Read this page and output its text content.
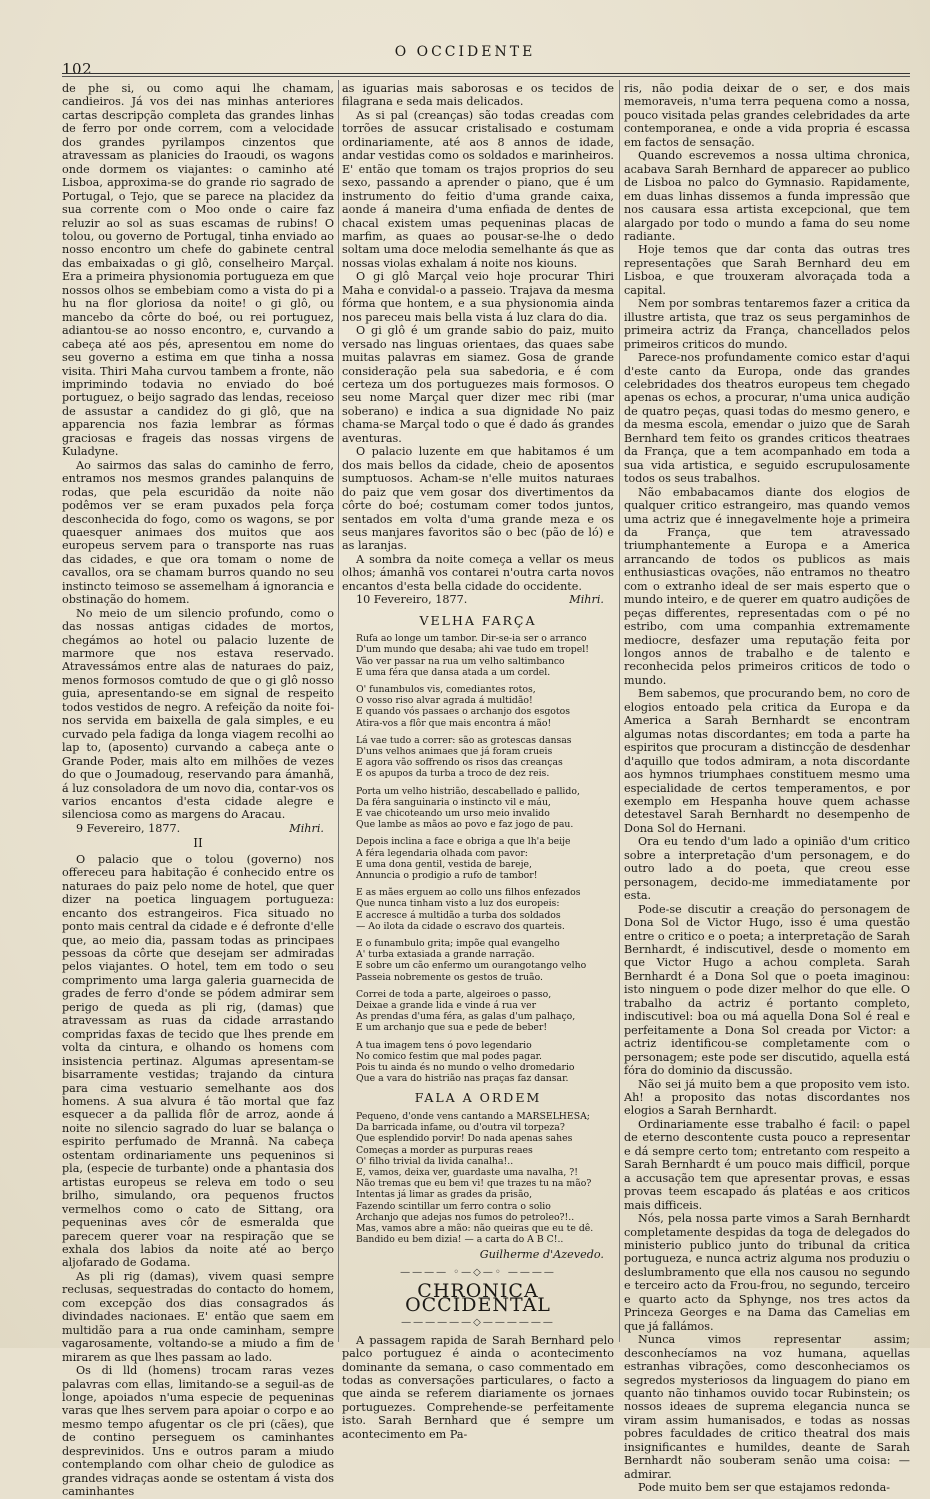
102
O OCCIDENTE

de phe si, ou como aqui lhe chamam, candieiros. Já vos dei nas minhas anteriores cartas descripção completa das grandes linhas de ferro por onde correm, com a velocidade dos grandes pyrilampos cinzentos que atravessam as planicies do Iraoudi, os wagons onde dormem os viajantes: o caminho até Lisboa, approxima-se do grande rio sagrado de Portugal, o Tejo, que se parece na placidez da sua corrente com o Moo onde o caire faz reluzir ao sol as suas escamas de rubins! O tolou, ou governo de Portugal, tinha enviado ao nosso encontro um chefe do gabinete central das embaixadas o gi glô, conselheiro Marçal. Era a primeira physionomia portugueza em que nossos olhos se embebiam como a vista do pi a hu na flor gloriosa da noite! o gi glô, ou mancebo da côrte do boé, ou rei portuguez, adiantou-se ao nosso encontro, e, curvando a cabeça até aos pés, apresentou em nome do seu governo a estima em que tinha a nossa visita. Thiri Maha curvou tambem a fronte, não imprimindo todavia no enviado do boé portuguez, o beijo sagrado das lendas, receioso de assustar a candidez do gi glô, que na apparencia nos fazia lembrar as fórmas graciosas e frageis das nossas virgens de Kuladyne.

Ao sairmos das salas do caminho de ferro, entramos nos mesmos grandes palanquins de rodas, que pela escuridão da noite não podêmos ver se eram puxados pela força desconhecida do fogo, como os wagons, se por quaesquer animaes dos muitos que aos europeus servem para o transporte nas ruas das cidades, e que ora tomam o nome de cavallos, ora se chamam burros quando no seu instincto teimoso se assemelham á ignorancia e obstinação do homem.

No meio de um silencio profundo, como o das nossas antigas cidades de mortos, chegámos ao hotel ou palacio luzente de marmore que nos estava reservado. Atravessámos entre alas de naturaes do paiz, menos formosos comtudo de que o gi glô nosso guia, apresentando-se em signal de respeito todos vestidos de negro. A refeição da noite foi-nos servida em baixella de gala simples, e eu curvado pela fadiga da longa viagem recolhi ao lap to, (aposento) curvando a cabeça ante o Grande Poder, mais alto em milhões de vezes do que o Joumadoug, reservando para ámanhã, á luz consoladora de um novo dia, contar-vos os varios encantos d'esta cidade alegre e silenciosa como as margens do Aracau.

9 Fevereiro, 1877.	Mihri.
II

O palacio que o tolou (governo) nos offereceu para habitação é conhecido entre os naturaes do paiz pelo nome de hotel, que quer dizer na poetica linguagem portugueza: encanto dos estrangeiros. Fica situado no ponto mais central da cidade e é defronte d'elle que, ao meio dia, passam todas as principaes pessoas da côrte que desejam ser admiradas pelos viajantes. O hotel, tem em todo o seu comprimento uma larga galeria guarnecida de grades de ferro d'onde se pódem admirar sem perigo de queda as pli rig, (damas) que atravessam as ruas da cidade arrastando compridas faxas de tecido que lhes prende em volta da cintura, e olhando os homens com insistencia pertinaz. Algumas apresentam-se bisarramente vestidas; trajando da cintura para cima vestuario semelhante aos dos homens. A sua alvura é tão mortal que faz esquecer a da pallida flôr de arroz, aonde á noite no silencio sagrado do luar se balança o espirito perfumado de Mrannâ. Na cabeça ostentam ordinariamente uns pequeninos si pla, (especie de turbante) onde a phantasia dos artistas europeus se releva em todo o seu brilho, simulando, ora pequenos fructos vermelhos como o cato de Sittang, ora pequeninas aves côr de esmeralda que parecem querer voar na respiração que se exhala dos labios da noite até ao berço aljofarado de Godama.

As pli rig (damas), vivem quasi sempre reclusas, sequestradas do contacto do homem, com excepção dos dias consagrados ás divindades nacionaes. E' então que saem em multidão para a rua onde caminham, sempre vagarosamente, voltando-se a miudo a fim de mirarem as que lhes passam ao lado.

Os di lld (homens) trocam raras vezes palavras com ellas, limitando-se a seguil-as de longe, apoiados n'uma especie de pequeninas varas que lhes servem para apoiar o corpo e ao mesmo tempo afugentar os cle pri (cães), que de contino perseguem os caminhantes desprevinidos. Uns e outros param a miudo contemplando com olhar cheio de gulodice as grandes vidraças aonde se ostentam á vista dos caminhantes

as iguarias mais saborosas e os tecidos de filagrana e seda mais delicados.

As si pal (creanças) são todas creadas com torrões de assucar cristalisado e costumam ordinariamente, até aos 8 annos de idade, andar vestidas como os soldados e marinheiros. E' então que tomam os trajos proprios do seu sexo, passando a aprender o piano, que é um instrumento do feitio d'uma grande caixa, aonde á maneira d'uma enfiada de dentes de chacal existem umas pequeninas placas de marfim, as quaes ao pousar-se-lhe o dedo soltam uma doce melodia semelhante ás que as nossas violas exhalam á noite nos kiouns.

O gi glô Marçal veio hoje procurar Thiri Maha e convidal-o a passeio. Trajava da mesma fórma que hontem, e a sua physionomia ainda nos pareceu mais bella vista á luz clara do dia.

O gi glô é um grande sabio do paiz, muito versado nas linguas orientaes, das quaes sabe muitas palavras em siamez. Gosa de grande consideração pela sua sabedoria, e é com certeza um dos portuguezes mais formosos. O seu nome Marçal quer dizer mec ribi (mar soberano) e indica a sua dignidade No paiz chama-se Marçal todo o que é dado ás grandes aventuras.

O palacio luzente em que habitamos é um dos mais bellos da cidade, cheio de aposentos sumptuosos. Acham-se n'elle muitos naturaes do paiz que vem gosar dos divertimentos da côrte do boé; costumam comer todos juntos, sentados em volta d'uma grande meza e os seus manjares favoritos são o bec (pão de ló) e as laranjas.

A sombra da noite começa a vellar os meus olhos; ámanhã vos contarei n'outra carta novos encantos d'esta bella cidade do occidente.

10 Fevereiro, 1877.	Mihri.
VELHA FARÇA
Rufa ao longe um tambor. Dir-se-ia ser o arranco
D'um mundo que desaba; ahi vae tudo em tropel!
Vão ver passar na rua um velho saltimbanco
E uma féra que dansa atada a um cordel.
O' funambulos vis, comediantes rotos,
O vosso riso alvar agrada á multidão!
E quando vós passaes o archanjo dos esgotos
Atira-vos a flôr que mais encontra á mão!
Lá vae tudo a correr: são as grotescas dansas
D'uns velhos animaes que já foram crueis
E agora vão soffrendo os risos das creanças
E os apupos da turba a troco de dez reis.
Porta um velho histrião, descabellado e pallido,
Da féra sanguinaria o instincto vil e máu,
E vae chicoteando um urso meio invalido
Que lambe as mãos ao povo e faz jogo de pau.
Depois inclina a face e obriga a que lh'a beije
A féra legendaria olhada com pavor:
E uma dona gentil, vestida de bareje,
Annuncia o prodigio a rufo de tambor!
E as mães erguem ao collo uns filhos enfezados
Que nunca tinham visto a luz dos europeis:
E accresce á multidão a turba dos soldados
— Ao ilota da cidade o escravo dos quarteis.
E o funambulo grita; impõe qual evangelho
A' turba extasiada a grande narração.
E sobre um cão enfermo um ourangotango velho
Passeia nobremente os gestos de truão.
Correi de toda a parte, algeiroes o passo,
Deixae a grande lida e vinde á rua ver
As prendas d'uma féra, as galas d'um palhaço,
E um archanjo que sua e pede de beber!
A tua imagem tens ó povo legendario
No comico festim que mal podes pagar.
Pois tu ainda és no mundo o velho dromedario
Que a vara do histrião nas praças faz dansar.
FALA A ORDEM
Pequeno, d'onde vens cantando a MARSELHESA;
Da barricada infame, ou d'outra vil torpeza?
Que esplendido porvir! Do nada apenas sahes
Começas a morder as purpuras reaes
O' filho trivial da livida canalha!..
E, vamos, deixa ver, guardaste uma navalha, ?!
Não tremas que eu bem vi! que trazes tu na mão?
Intentas já limar as grades da prisão,
Fazendo scintillar um ferro contra o solio
Archanjo que adejas nos fumos do petroleo?!..
Mas, vamos abre a mão: não queiras que eu te dê.
Bandido eu bem dizia! — a carta do A B C!..
Guilherme d'Azevedo.
———— ◦—◇—◦ ————
CHRONICA OCCIDENTAL
——————◇——————

A passagem rapida de Sarah Bernhard pelo palco portuguez é ainda o acontecimento dominante da semana, o caso commentado em todas as conversações particulares, o facto a que ainda se referem diariamente os jornaes portuguezes. Comprehende-se perfeitamente isto. Sarah Bernhard que é sempre um acontecimento em Pa-

ris, não podia deixar de o ser, e dos mais memoraveis, n'uma terra pequena como a nossa, pouco visitada pelas grandes celebridades da arte contemporanea, e onde a vida propria é escassa em factos de sensação.

Quando escrevemos a nossa ultima chronica, acabava Sarah Bernhard de apparecer ao publico de Lisboa no palco do Gymnasio. Rapidamente, em duas linhas dissemos a funda impressão que nos causara essa artista excepcional, que tem alargado por todo o mundo a fama do seu nome radiante.

Hoje temos que dar conta das outras tres representações que Sarah Bernhard deu em Lisboa, e que trouxeram alvoraçada toda a capital.

Nem por sombras tentaremos fazer a critica da illustre artista, que traz os seus pergaminhos de primeira actriz da França, chancellados pelos primeiros criticos do mundo.

Parece-nos profundamente comico estar d'aqui d'este canto da Europa, onde das grandes celebridades dos theatros europeus tem chegado apenas os echos, a procurar, n'uma unica audição de quatro peças, quasi todas do mesmo genero, e da mesma escola, emendar o juizo que de Sarah Bernhard tem feito os grandes criticos theatraes da França, que a tem acompanhado em toda a sua vida artistica, e seguido escrupulosamente todos os seus trabalhos.

Não embabacamos diante dos elogios de qualquer critico estrangeiro, mas quando vemos uma actriz que é innegavelmente hoje a primeira da França, que tem atravessado triumphantemente a Europa e a America arrancando de todos os publicos as mais enthusiasticas ovações, não entramos no theatro com o extranho ideal de ser mais esperto que o mundo inteiro, e de querer em quatro audições de peças differentes, representadas com o pé no estribo, com uma companhia extremamente mediocre, desfazer uma reputação feita por longos annos de trabalho e de talento e reconhecida pelos primeiros criticos de todo o mundo.

Bem sabemos, que procurando bem, no coro de elogios entoado pela critica da Europa e da America a Sarah Bernhardt se encontram algumas notas discordantes; em toda a parte ha espiritos que procuram a distincção de desdenhar d'aquillo que todos admiram, a nota discordante aos hymnos triumphaes constituem mesmo uma especialidade de certos temperamentos, e por exemplo em Hespanha houve quem achasse detestavel Sarah Bernhardt no desempenho de Dona Sol do Hernani.

Ora eu tendo d'um lado a opinião d'um critico sobre a interpretação d'um personagem, e do outro lado a do poeta, que creou esse personagem, decido-me immediatamente por esta.

Pode-se discutir a creação do personagem de Dona Sol de Victor Hugo, isso é uma questão entre o critico e o poeta; a interpretação de Sarah Bernhardt, é indiscutivel, desde o momento em que Victor Hugo a achou completa. Sarah Bernhardt é a Dona Sol que o poeta imaginou: isto ninguem o pode dizer melhor do que elle. O trabalho da actriz é portanto completo, indiscutivel: boa ou má aquella Dona Sol é real e perfeitamente a Dona Sol creada por Victor: a actriz identificou-se completamente com o personagem; este pode ser discutido, aquella está fóra do dominio da discussão.

Não sei já muito bem a que proposito vem isto. Ah! a proposito das notas discordantes nos elogios a Sarah Bernhardt.

Ordinariamente esse trabalho é facil: o papel de eterno descontente custa pouco a representar e dá sempre certo tom; entretanto com respeito a Sarah Bernhardt é um pouco mais difficil, porque a accusação tem que apresentar provas, e essas provas teem escapado ás platéas e aos criticos mais difficeis.

Nós, pela nossa parte vimos a Sarah Bernhardt completamente despidas da toga de delegados do ministerio publico junto do tribunal da critica portugueza, e nunca actriz alguma nos produziu o deslumbramento que ella nos causou no segundo e terceiro acto da Frou-frou, no segundo, terceiro e quarto acto da Sphynge, nos tres actos da Princeza Georges e na Dama das Camelias em que já fallámos.

Nunca vimos representar assim; desconhecíamos na voz humana, aquellas estranhas vibrações, como desconheciamos os segredos mysteriosos da linguagem do piano em quanto não tinhamos ouvido tocar Rubinstein; os nossos ideaes de suprema elegancia nunca se viram assim humanisados, e todas as nossas pobres faculdades de critico theatral dos mais insignificantes e humildes, deante de Sarah Bernhardt não souberam senão uma coisa: — admirar.

Pode muito bem ser que estajamos redonda-
